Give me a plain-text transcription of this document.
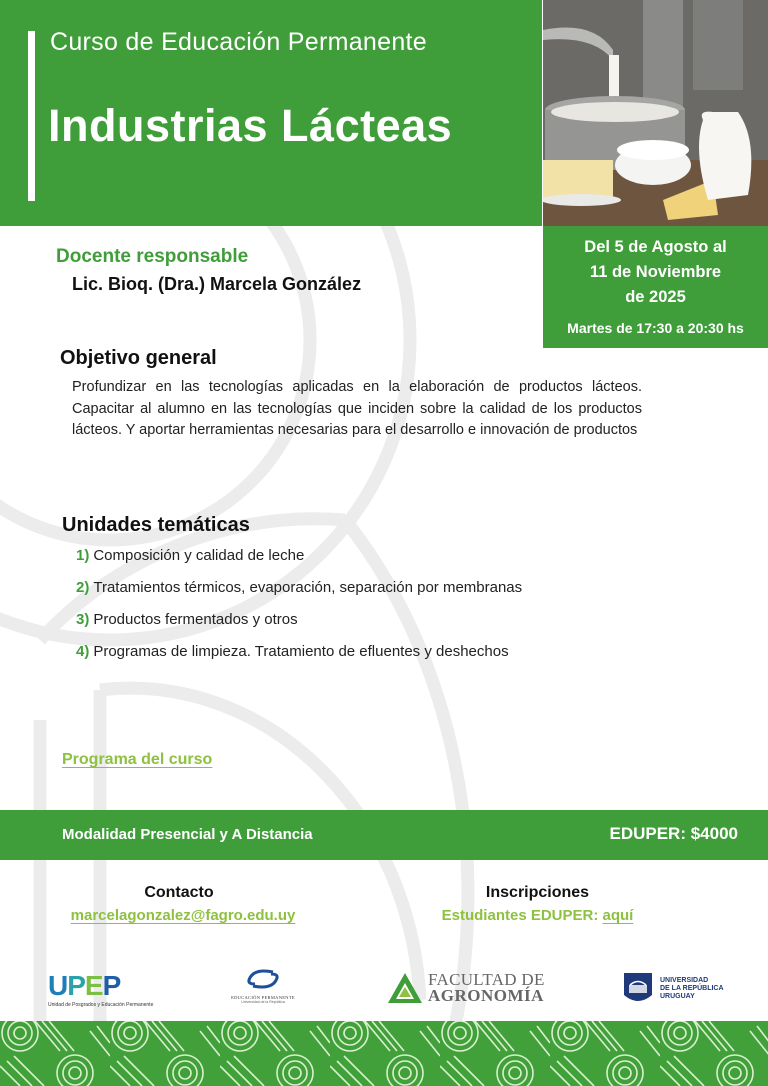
Curso de Educación Permanente
Industrias Lácteas
Del 5 de Agosto al
11 de Noviembre
de 2025
Martes de 17:30 a 20:30 hs
Docente responsable
Lic. Bioq. (Dra.) Marcela González
Objetivo general
Profundizar en las tecnologías aplicadas en la elaboración de productos lácteos. Capacitar al alumno en las tecnologías que inciden sobre la calidad de los productos lácteos. Y aportar herramientas necesarias para el desarrollo e innovación de productos
Unidades temáticas
1) Composición y calidad de leche
2) Tratamientos térmicos, evaporación, separación por membranas
3) Productos fermentados y otros
4) Programas de limpieza. Tratamiento de efluentes y deshechos
Programa del curso
Modalidad Presencial y A Distancia	EDUPER: $4000
Contacto
marcelagonzalez@fagro.edu.uy
Inscripciones
Estudiantes EDUPER: aquí
UPEP
Unidad de Posgrados y Educación Permanente
EDUCACIÓN PERMANENTE
Universidad de la República
FACULTAD DE
AGRONOMÍA
UNIVERSIDAD
DE LA REPÚBLICA
URUGUAY
